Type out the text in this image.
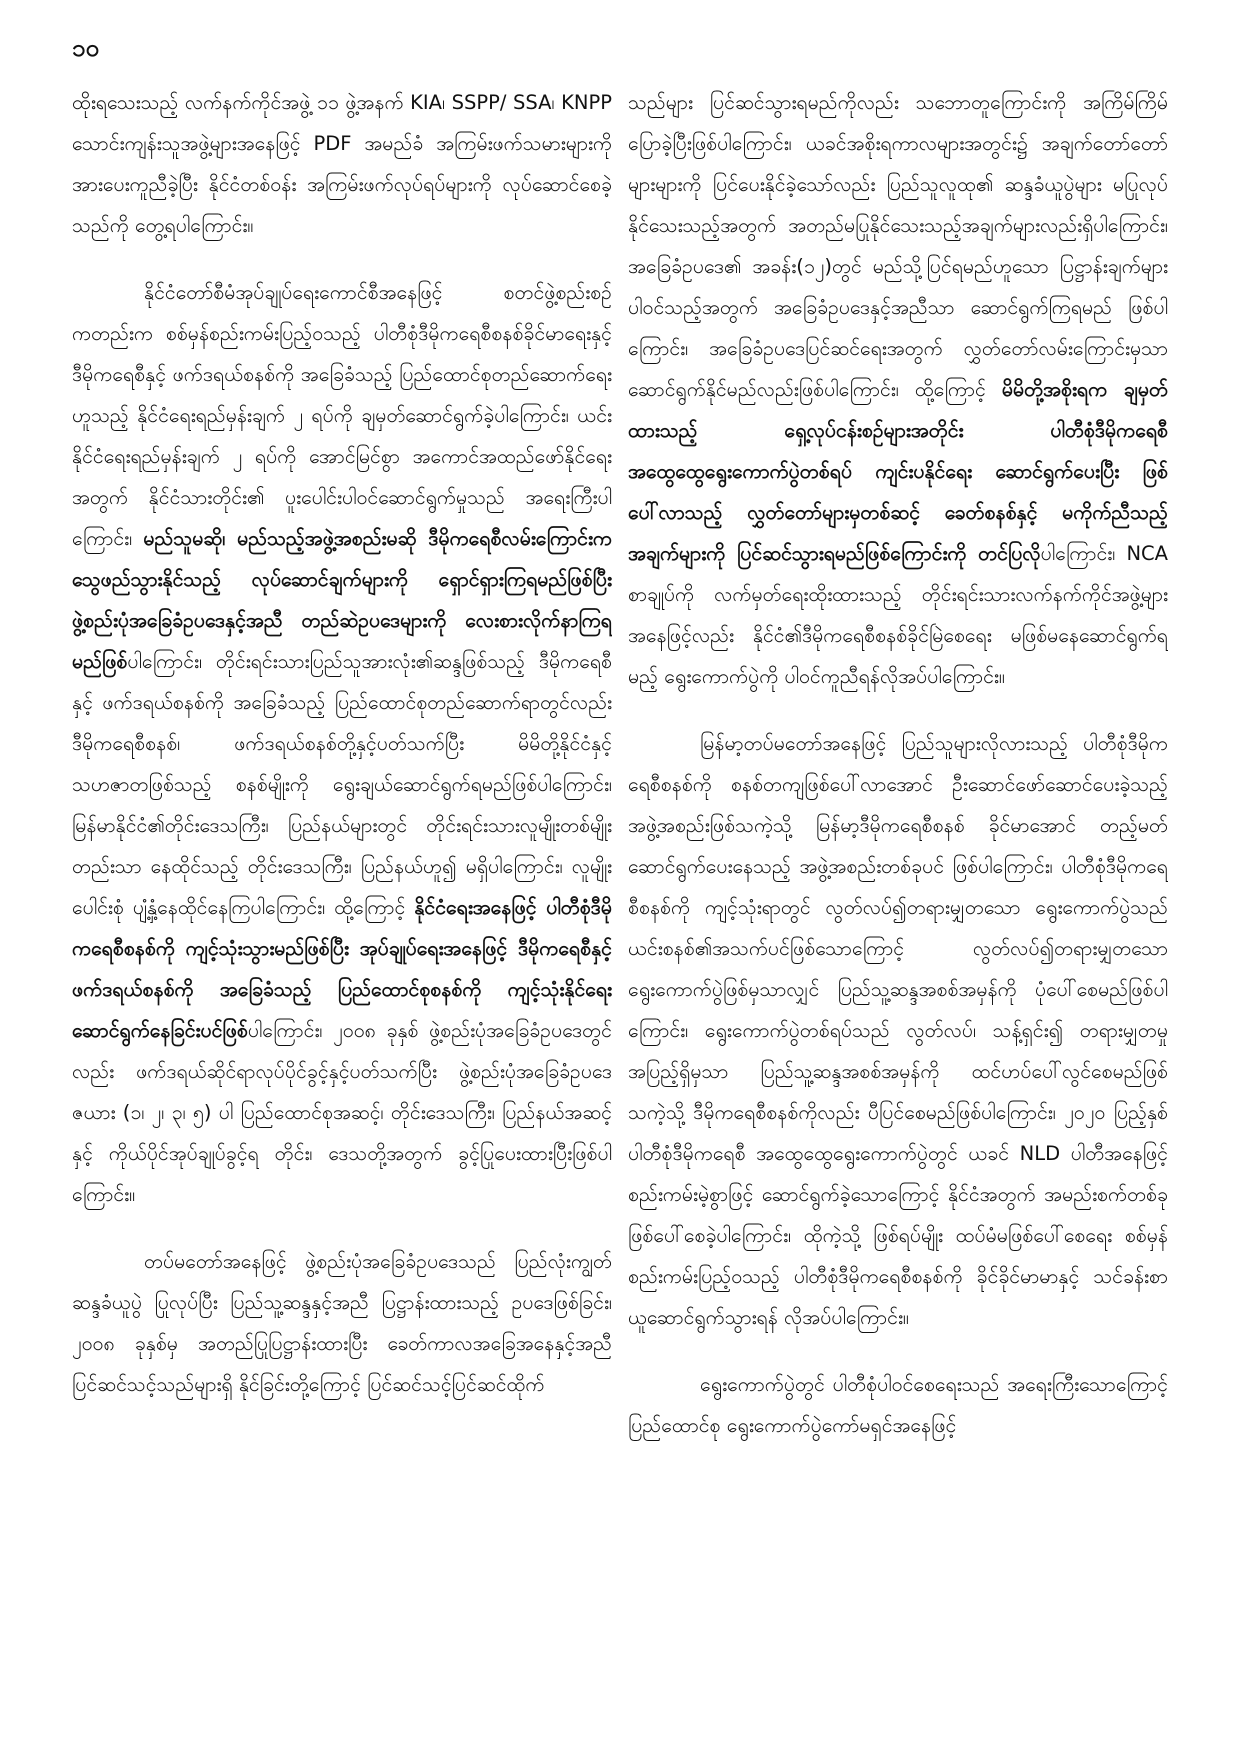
၁၀

ထိုးရသေးသည့် လက်နက်ကိုင်အဖွဲ့ ၁၁ ဖွဲ့အနက် KIA၊ SSPP/ SSA၊ KNPP သောင်းကျန်းသူအဖွဲ့များအနေဖြင့် PDF အမည်ခံ အကြမ်းဖက်သမားများကို အားပေးကူညီခဲ့ပြီး နိုင်ငံတစ်ဝန်း အကြမ်းဖက်လုပ်ရပ်များကို လုပ်ဆောင်စေခဲ့သည်ကို တွေ့ရပါကြောင်း။

နိုင်ငံတော်စီမံအုပ်ချုပ်ရေးကောင်စီအနေဖြင့် စတင်ဖွဲ့စည်းစဉ်ကတည်းက စစ်မှန်စည်းကမ်းပြည့်ဝသည့် ပါတီစုံဒီမိုကရေစီစနစ်ခိုင်မာရေးနှင့် ဒီမိုကရေစီနှင့် ဖက်ဒရယ်စနစ်ကို အခြေခံသည့် ပြည်ထောင်စုတည်ဆောက်ရေးဟူသည့် နိုင်ငံရေးရည်မှန်းချက် ၂ ရပ်ကို ချမှတ်ဆောင်ရွက်ခဲ့ပါကြောင်း၊ ယင်းနိုင်ငံရေးရည်မှန်းချက် ၂ ရပ်ကို အောင်မြင်စွာ အကောင်အထည်ဖော်နိုင်ရေးအတွက် နိုင်ငံသားတိုင်း၏ ပူးပေါင်းပါဝင်ဆောင်ရွက်မှုသည် အရေးကြီးပါကြောင်း၊ မည်သူမဆို၊ မည်သည့်အဖွဲ့အစည်းမဆို ဒီမိုကရေစီလမ်းကြောင်းက သွေဖည်သွားနိုင်သည့် လုပ်ဆောင်ချက်များကို ရှောင်ရှားကြရမည်ဖြစ်ပြီး ဖွဲ့စည်းပုံအခြေခံဥပဒေနှင့်အညီ တည်ဆဲဥပဒေများကို လေးစားလိုက်နာကြရမည်ဖြစ်ပါကြောင်း၊ တိုင်းရင်းသားပြည်သူအားလုံး၏ဆန္ဒဖြစ်သည့် ဒီမိုကရေစီနှင့် ဖက်ဒရယ်စနစ်ကို အခြေခံသည့် ပြည်ထောင်စုတည်ဆောက်ရာတွင်လည်း ဒီမိုကရေစီစနစ်၊ ဖက်ဒရယ်စနစ်တို့နှင့်ပတ်သက်ပြီး မိမိတို့နိုင်ငံနှင့် သဟဇာတဖြစ်သည့် စနစ်မျိုးကို ရွေးချယ်ဆောင်ရွက်ရမည်ဖြစ်ပါကြောင်း၊ မြန်မာနိုင်ငံ၏တိုင်းဒေသကြီး၊ ပြည်နယ်များတွင် တိုင်းရင်းသားလူမျိုးတစ်မျိုးတည်းသာ နေထိုင်သည့် တိုင်းဒေသကြီး၊ ပြည်နယ်ဟူ၍ မရှိပါကြောင်း၊ လူမျိုးပေါင်းစုံ ပျံ့နှံ့နေထိုင်နေကြပါကြောင်း၊ ထို့ကြောင့် နိုင်ငံရေးအနေဖြင့် ပါတီစုံဒီမိုကရေစီစနစ်ကို ကျင့်သုံးသွားမည်ဖြစ်ပြီး အုပ်ချုပ်ရေးအနေဖြင့် ဒီမိုကရေစီနှင့် ဖက်ဒရယ်စနစ်ကို အခြေခံသည့် ပြည်ထောင်စုစနစ်ကို ကျင့်သုံးနိုင်ရေး ဆောင်ရွက်နေခြင်းပင်ဖြစ်ပါကြောင်း၊ ၂၀၀၈ ခုနှစ် ဖွဲ့စည်းပုံအခြေခံဥပဒေတွင်လည်း ဖက်ဒရယ်ဆိုင်ရာလုပ်ပိုင်ခွင့်နှင့်ပတ်သက်ပြီး ဖွဲ့စည်းပုံအခြေခံဥပဒေဇယား (၁၊ ၂၊ ၃၊ ၅) ပါ ပြည်ထောင်စုအဆင့်၊ တိုင်းဒေသကြီး၊ ပြည်နယ်အဆင့်နှင့် ကိုယ်ပိုင်အုပ်ချုပ်ခွင့်ရ တိုင်း၊ ဒေသတို့အတွက် ခွင့်ပြုပေးထားပြီးဖြစ်ပါကြောင်း။

တပ်မတော်အနေဖြင့် ဖွဲ့စည်းပုံအခြေခံဥပဒေသည် ပြည်လုံးကျွတ်ဆန္ဒခံယူပွဲ ပြုလုပ်ပြီး ပြည်သူ့ဆန္ဒနှင့်အညီ ပြဋ္ဌာန်းထားသည့် ဥပဒေဖြစ်ခြင်း၊ ၂၀၀၈ ခုနှစ်မှ အတည်ပြုပြဋ္ဌာန်းထားပြီး ခေတ်ကာလအခြေအနေနှင့်အညီ ပြင်ဆင်သင့်သည်များရှိ နိုင်ခြင်းတို့ကြောင့် ပြင်ဆင်သင့်ပြင်ဆင်ထိုက်

သည်များ ပြင်ဆင်သွားရမည်ကိုလည်း သဘောတူကြောင်းကို အကြိမ်ကြိမ်ပြောခဲ့ပြီးဖြစ်ပါကြောင်း၊ ယခင်အစိုးရကာလများအတွင်း၌ အချက်တော်တော်များများကို ပြင်ပေးနိုင်ခဲ့သော်လည်း ပြည်သူလူထု၏ ဆန္ဒခံယူပွဲများ မပြုလုပ်နိုင်သေးသည့်အတွက် အတည်မပြုနိုင်သေးသည့်အချက်များလည်းရှိပါကြောင်း၊ အခြေခံဥပဒေ၏ အခန်း(၁၂)တွင် မည်သို့ပြင်ရမည်ဟူသော ပြဋ္ဌာန်းချက်များ ပါဝင်သည့်အတွက် အခြေခံဥပဒေနှင့်အညီသာ ဆောင်ရွက်ကြရမည် ဖြစ်ပါကြောင်း၊ အခြေခံဥပဒေပြင်ဆင်ရေးအတွက် လွှတ်တော်လမ်းကြောင်းမှသာ ဆောင်ရွက်နိုင်မည်လည်းဖြစ်ပါကြောင်း၊ ထို့ကြောင့် မိမိတို့အစိုးရက ချမှတ်ထားသည့် ရှေ့လုပ်ငန်းစဉ်များအတိုင်း ပါတီစုံဒီမိုကရေစီအထွေထွေရွေးကောက်ပွဲတစ်ရပ် ကျင်းပနိုင်ရေး ဆောင်ရွက်ပေးပြီး ဖြစ်ပေါ်လာသည့် လွှတ်တော်များမှတစ်ဆင့် ခေတ်စနစ်နှင့် မကိုက်ညီသည့် အချက်များကို ပြင်ဆင်သွားရမည်ဖြစ်ကြောင်းကို တင်ပြလိုပါကြောင်း၊ NCA စာချုပ်ကို လက်မှတ်ရေးထိုးထားသည့် တိုင်းရင်းသားလက်နက်ကိုင်အဖွဲ့များအနေဖြင့်လည်း နိုင်ငံ၏ဒီမိုကရေစီစနစ်ခိုင်မြဲစေရေး မဖြစ်မနေဆောင်ရွက်ရမည့် ရွေးကောက်ပွဲကို ပါဝင်ကူညီရန်လိုအပ်ပါကြောင်း။

မြန်မာ့တပ်မတော်အနေဖြင့် ပြည်သူများလိုလားသည့် ပါတီစုံဒီမိုကရေစီစနစ်ကို စနစ်တကျဖြစ်ပေါ်လာအောင် ဦးဆောင်ဖော်ဆောင်ပေးခဲ့သည့် အဖွဲ့အစည်းဖြစ်သကဲ့သို့ မြန်မာ့ဒီမိုကရေစီစနစ် ခိုင်မာအောင် တည့်မတ်ဆောင်ရွက်ပေးနေသည့် အဖွဲ့အစည်းတစ်ခုပင် ဖြစ်ပါကြောင်း၊ ပါတီစုံဒီမိုကရေစီစနစ်ကို ကျင့်သုံးရာတွင် လွတ်လပ်၍တရားမျှတသော ရွေးကောက်ပွဲသည် ယင်းစနစ်၏အသက်ပင်ဖြစ်သောကြောင့် လွတ်လပ်၍တရားမျှတသော ရွေးကောက်ပွဲဖြစ်မှသာလျှင် ပြည်သူ့ဆန္ဒအစစ်အမှန်ကို ပုံပေါ်စေမည်ဖြစ်ပါကြောင်း၊ ရွေးကောက်ပွဲတစ်ရပ်သည် လွတ်လပ်၊ သန့်ရှင်း၍ တရားမျှတမှု အပြည့်ရှိမှသာ ပြည်သူ့ဆန္ဒအစစ်အမှန်ကို ထင်ဟပ်ပေါ်လွင်စေမည်ဖြစ်သကဲ့သို့ ဒီမိုကရေစီစနစ်ကိုလည်း ပီပြင်စေမည်ဖြစ်ပါကြောင်း၊ ၂၀၂၀ ပြည့်နှစ် ပါတီစုံဒီမိုကရေစီ အထွေထွေရွေးကောက်ပွဲတွင် ယခင် NLD ပါတီအနေဖြင့် စည်းကမ်းမဲ့စွာဖြင့် ဆောင်ရွက်ခဲ့သောကြောင့် နိုင်ငံအတွက် အမည်းစက်တစ်ခုဖြစ်ပေါ်စေခဲ့ပါကြောင်း၊ ထိုကဲ့သို့ ဖြစ်ရပ်မျိုး ထပ်မံမဖြစ်ပေါ်စေရေး စစ်မှန်စည်းကမ်းပြည့်ဝသည့် ပါတီစုံဒီမိုကရေစီစနစ်ကို ခိုင်ခိုင်မာမာနှင့် သင်ခန်းစာယူဆောင်ရွက်သွားရန် လိုအပ်ပါကြောင်း။

ရွေးကောက်ပွဲတွင် ပါတီစုံပါဝင်စေရေးသည် အရေးကြီးသောကြောင့် ပြည်ထောင်စု ရွေးကောက်ပွဲကော်မရှင်အနေဖြင့်
